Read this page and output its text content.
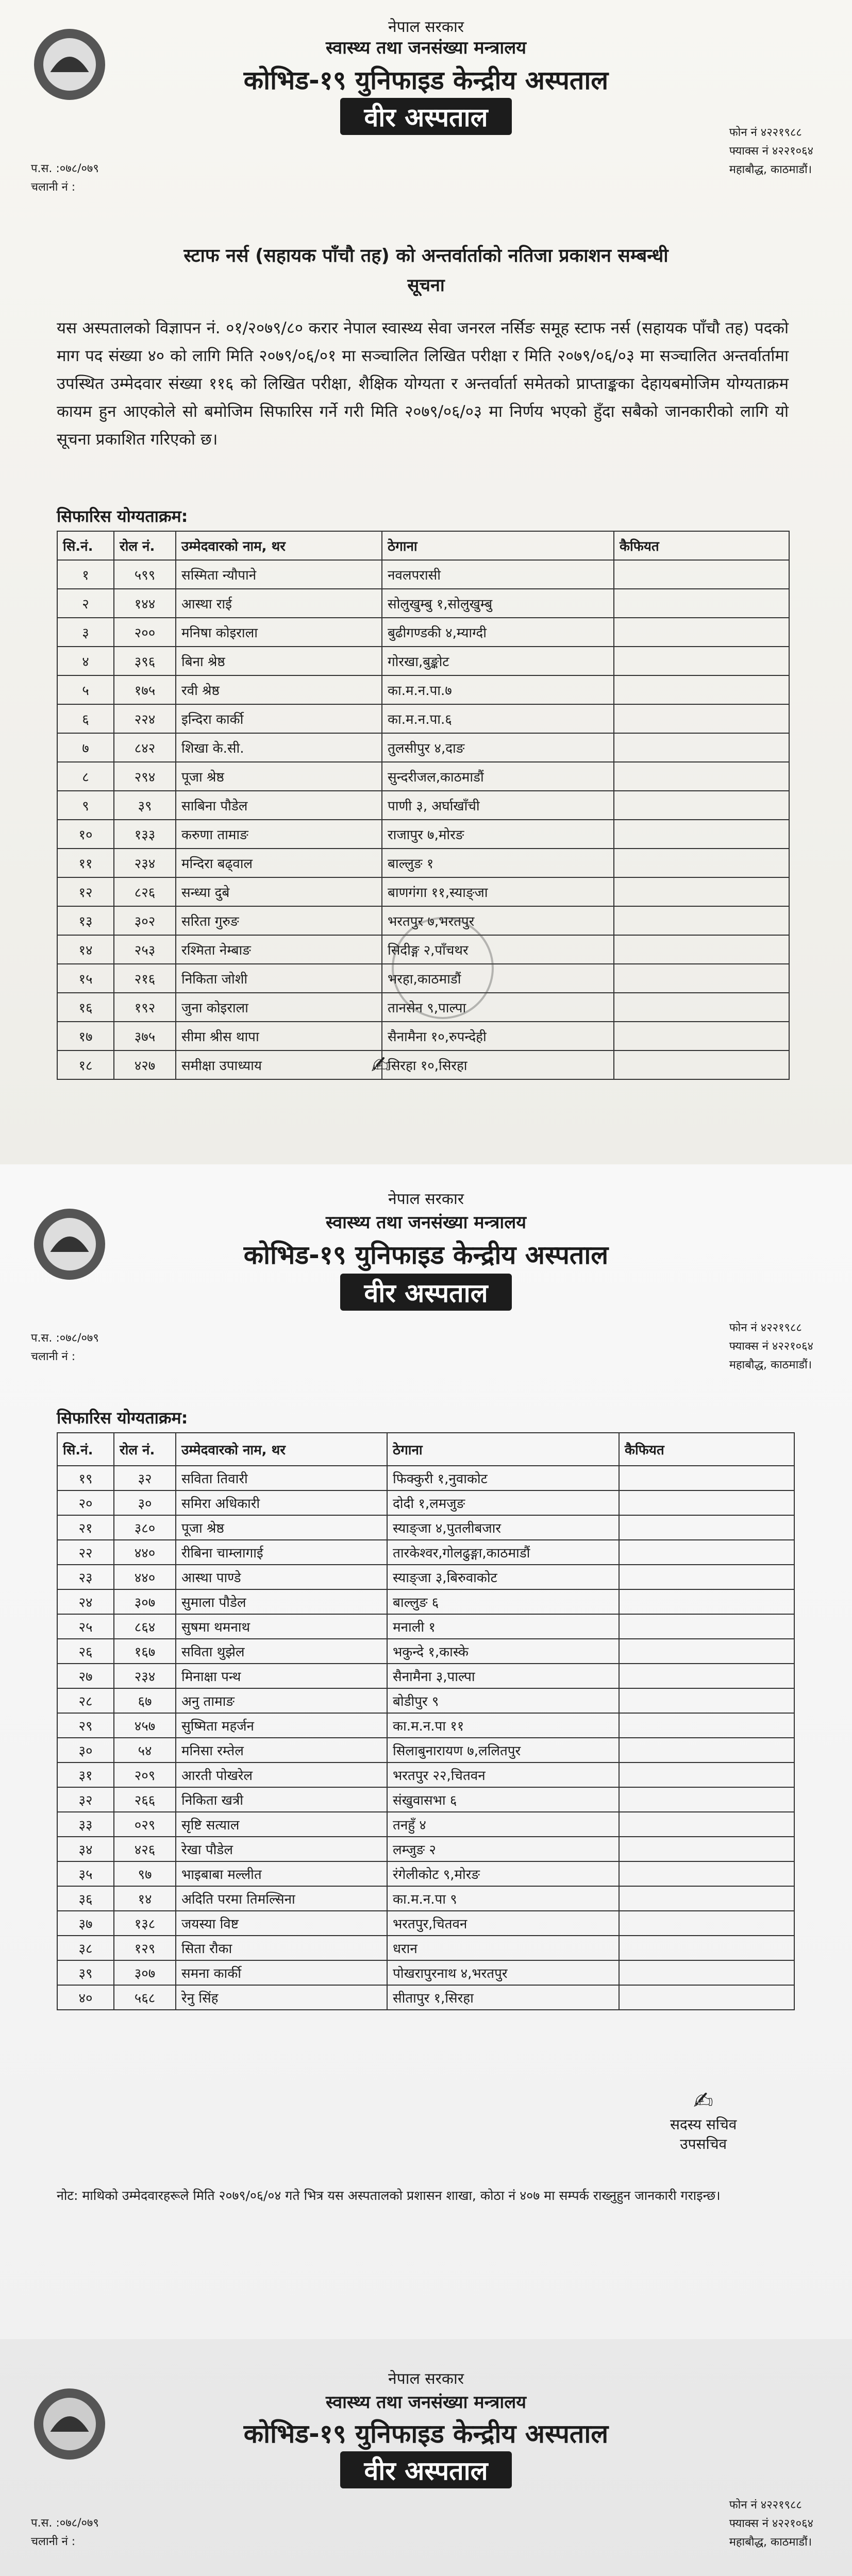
नेपाल सरकार
स्वास्थ्य तथा जनसंख्या मन्त्रालय
कोभिड-१९ युनिफाइड केन्द्रीय अस्पताल
वीर अस्पताल
प.स. :०७८/०७९
चलानी नं :
फोन नं ४२२१९८८
फ्याक्स नं ४२२१०६४
महाबौद्ध, काठमाडौं।
स्टाफ नर्स (सहायक पाँचौ तह) को अन्तर्वार्ताको नतिजा प्रकाशन सम्बन्धी
सूचना
यस अस्पतालको विज्ञापन नं. ०१/२०७९/८० करार नेपाल स्वास्थ्य सेवा जनरल नर्सिङ समूह स्टाफ नर्स (सहायक पाँचौ तह) पदको माग पद संख्या ४० को लागि मिति २०७९/०६/०१ मा सञ्चालित लिखित परीक्षा र मिति २०७९/०६/०३ मा सञ्चालित अन्तर्वार्तामा उपस्थित उम्मेदवार संख्या ११६ को लिखित परीक्षा, शैक्षिक योग्यता र अन्तर्वार्ता समेतको प्राप्ताङ्कका देहायबमोजिम योग्यताक्रम कायम हुन आएकोले सो बमोजिम सिफारिस गर्ने गरी मिति २०७९/०६/०३ मा निर्णय भएको हुँदा सबैको जानकारीको लागि यो सूचना प्रकाशित गरिएको छ।
सिफारिस योग्यताक्रम:
सि.नं.	रोल नं.	उम्मेदवारको नाम, थर	ठेगाना	कैफियत
१	५९९	सस्मिता न्यौपाने	नवलपरासी	
२	१४४	आस्था राई	सोलुखुम्बु १,सोलुखुम्बु	
३	२००	मनिषा कोइराला	बुढीगण्डकी ४,म्याग्दी	
४	३९६	बिना श्रेष्ठ	गोरखा,बुङ्कोट	
५	१७५	रवी श्रेष्ठ	का.म.न.पा.७	
६	२२४	इन्दिरा कार्की	का.म.न.पा.६	
७	८४२	शिखा के.सी.	तुलसीपुर ४,दाङ	
८	२९४	पूजा श्रेष्ठ	सुन्दरीजल,काठमाडौं	
९	३९	साबिना पौडेल	पाणी ३, अर्घाखाँची	
१०	१३३	करुणा तामाङ	राजापुर ७,मोरङ	
११	२३४	मन्दिरा बढ्वाल	बाल्लुङ १	
१२	८२६	सन्ध्या दुबे	बाणगंगा ११,स्याङ्जा	
१३	३०२	सरिता गुरुङ	भरतपुर ७,भरतपुर	
१४	२५३	रश्मिता नेम्बाङ	सिदीङ्ग २,पाँचथर	
१५	२१६	निकिता जोशी	भरहा,काठमाडौं	
१६	१९२	जुना कोइराला	तानसेन ९,पाल्पा	
१७	३७५	सीमा श्रीस थापा	सैनामैना १०,रुपन्देही	
१८	४२७	समीक्षा उपाध्याय	सिरहा १०,सिरहा	
✍
नेपाल सरकार
स्वास्थ्य तथा जनसंख्या मन्त्रालय
कोभिड-१९ युनिफाइड केन्द्रीय अस्पताल
वीर अस्पताल
प.स. :०७८/०७९
चलानी नं :
फोन नं ४२२१९८८
फ्याक्स नं ४२२१०६४
महाबौद्ध, काठमाडौं।
सिफारिस योग्यताक्रम:
सि.नं.	रोल नं.	उम्मेदवारको नाम, थर	ठेगाना	कैफियत
१९	३२	सविता तिवारी	फिक्कुरी १,नुवाकोट	
२०	३०	समिरा अधिकारी	दोदी १,लमजुङ	
२१	३८०	पूजा श्रेष्ठ	स्याङ्जा ४,पुतलीबजार	
२२	४४०	रीबिना चाम्लागाई	तारकेश्वर,गोलढुङ्गा,काठमाडौं	
२३	४४०	आस्था पाण्डे	स्याङ्जा ३,बिरुवाकोट	
२४	३०७	सुमाला पौडेल	बाल्लुङ ६	
२५	८६४	सुषमा थमनाथ	मनाली १	
२६	१६७	सविता थुझेल	भकुन्दे १,कास्के	
२७	२३४	मिनाक्षा पन्थ	सैनामैना ३,पाल्पा	
२८	६७	अनु तामाङ	बोडीपुर ९	
२९	४५७	सुष्मिता महर्जन	का.म.न.पा ११	
३०	५४	मनिसा रम्तेल	सिलाबुनारायण ७,ललितपुर	
३१	२०९	आरती पोखरेल	भरतपुर २२,चितवन	
३२	२६६	निकिता खत्री	संखुवासभा ६	
३३	०२९	सृष्टि सत्याल	तनहुँ ४	
३४	४२६	रेखा पौडेल	लम्जुङ २	
३५	९७	भाइबाबा मल्लीत	रंगेलीकोट ९,मोरङ	
३६	१४	अदिति परमा तिमल्सिना	का.म.न.पा ९	
३७	१३८	जयस्या विष्ट	भरतपुर,चितवन	
३८	१२९	सिता रौका	धरान	
३९	३०७	समना कार्की	पोखरापुरनाथ ४,भरतपुर	
४०	५६८	रेनु सिंह	सीतापुर १,सिरहा	
✍
सदस्य सचिव
उपसचिव
नोट: माथिको उम्मेदवारहरूले मिति २०७९/०६/०४ गते भित्र यस अस्पतालको प्रशासन शाखा, कोठा नं ४०७ मा सम्पर्क राख्नुहुन जानकारी गराइन्छ।
नेपाल सरकार
स्वास्थ्य तथा जनसंख्या मन्त्रालय
कोभिड-१९ युनिफाइड केन्द्रीय अस्पताल
वीर अस्पताल
प.स. :०७८/०७९
चलानी नं :
फोन नं ४२२१९८८
फ्याक्स नं ४२२१०६४
महाबौद्ध, काठमाडौं।
